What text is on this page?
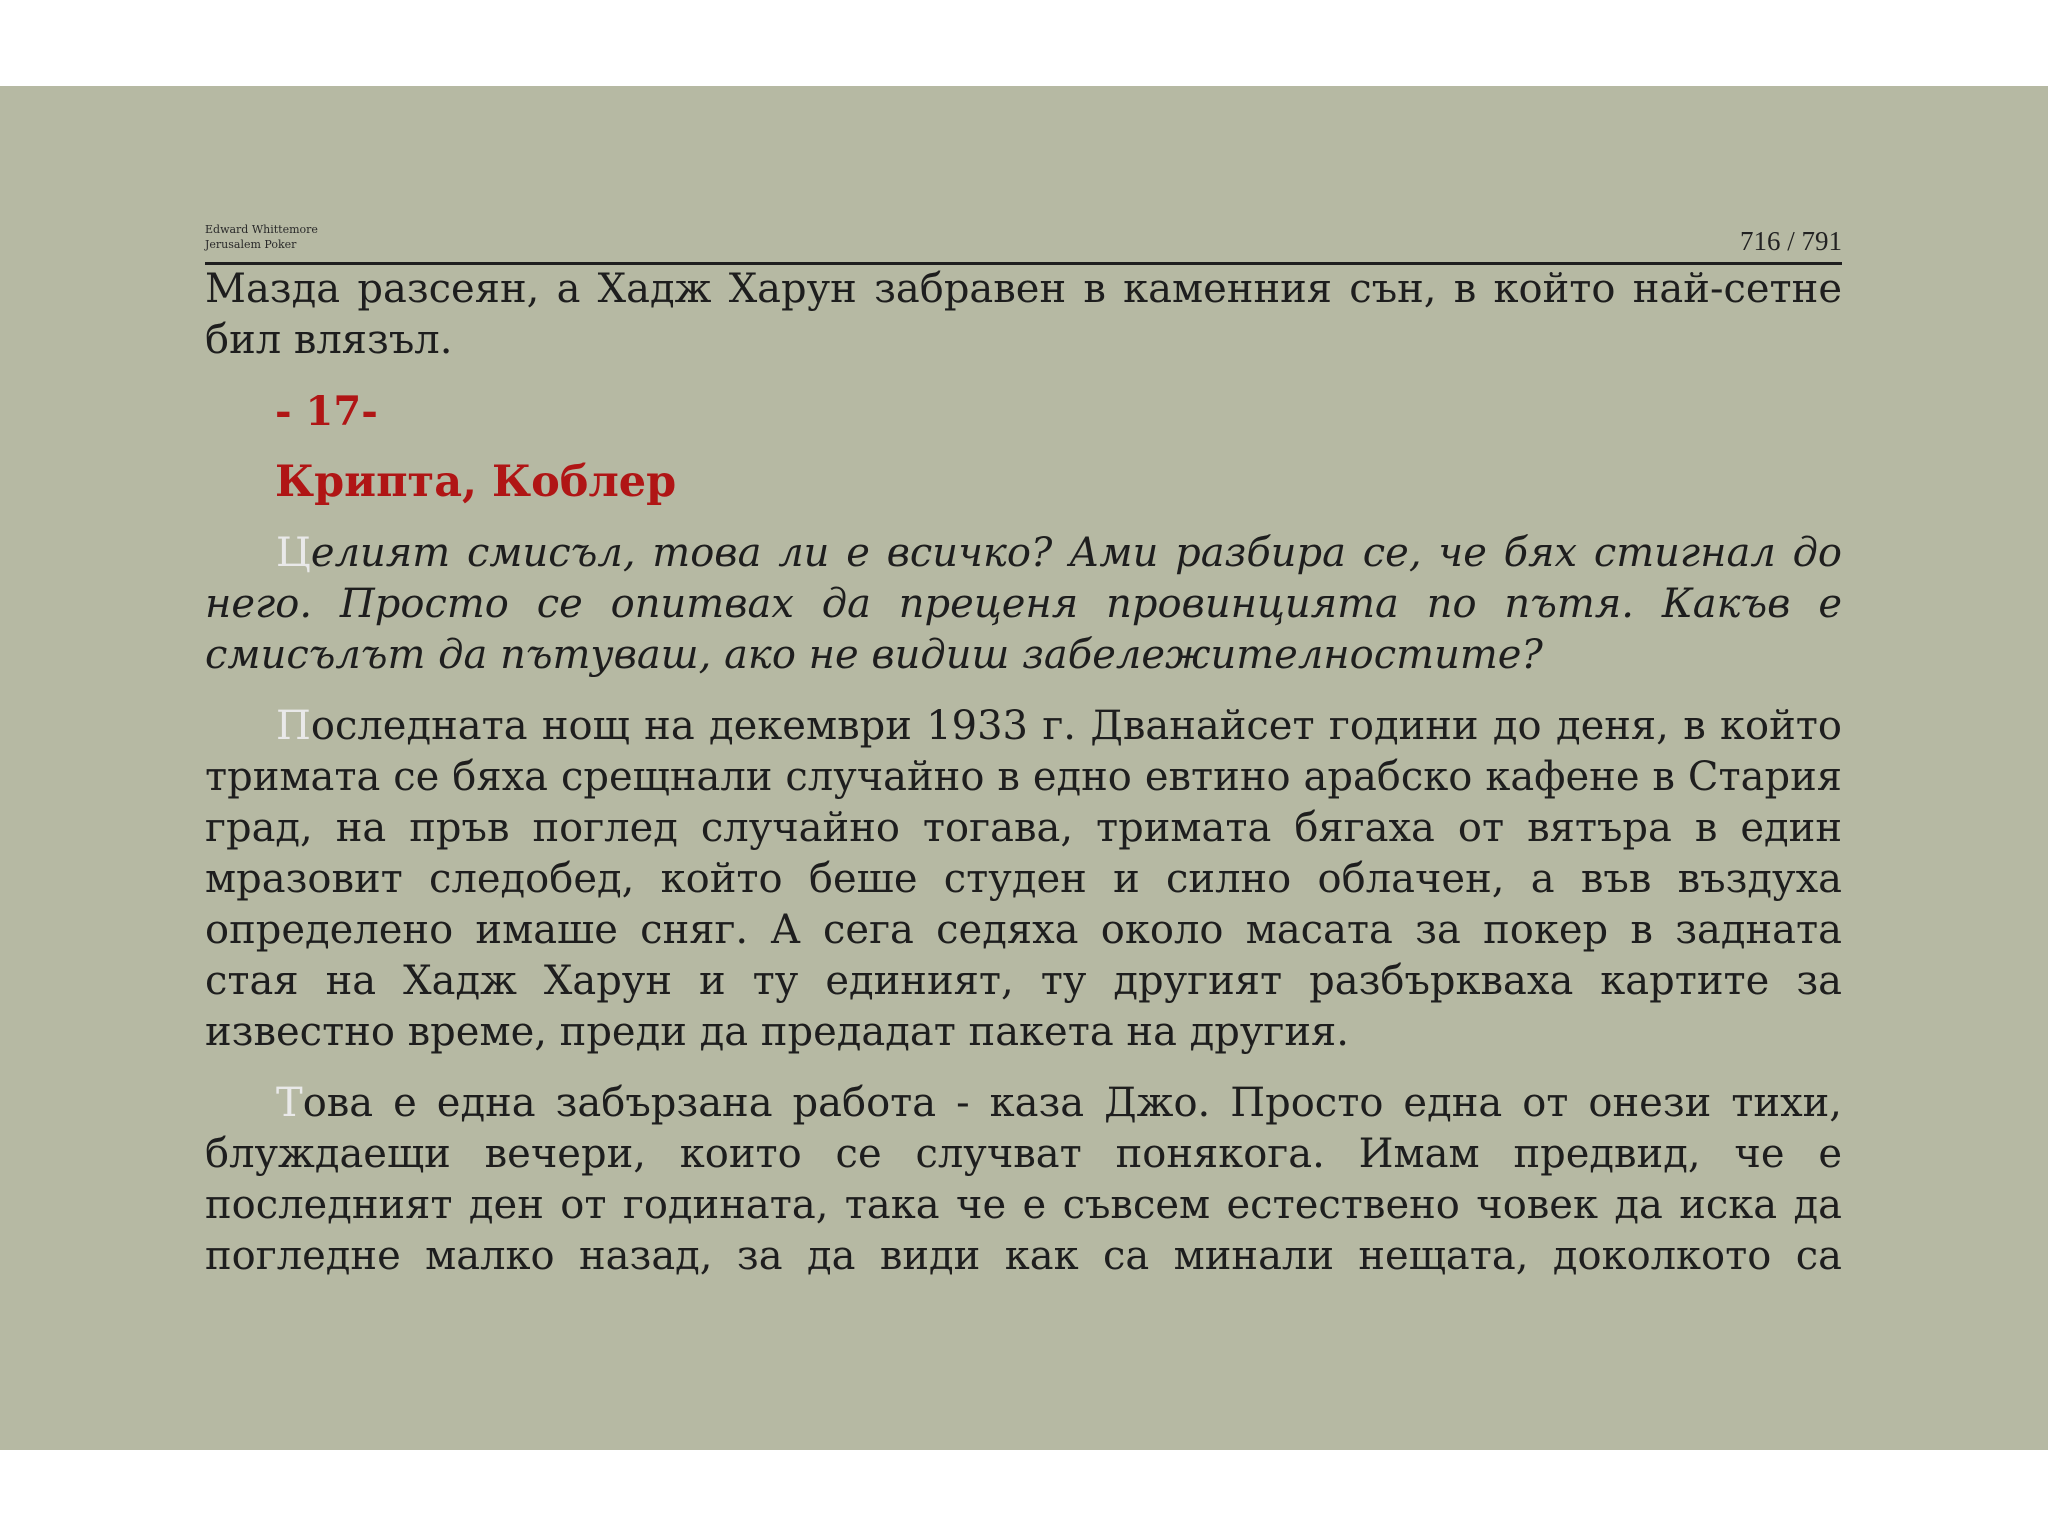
Edward Whittemore
Jerusalem Poker	716 / 791

Мазда разсеян, а Хадж Харун забравен в каменния сън, в който най-сетне бил влязъл.

- 17-
Крипта, Коблер

Целият смисъл, това ли е всичко? Ами разбира се, че бях стигнал до него. Просто се опитвах да преценя провинцията по пътя. Какъв е смисълът да пътуваш, ако не видиш забележителностите?

Последната нощ на декември 1933 г. Дванайсет години до деня, в който тримата се бяха срещнали случайно в едно евтино арабско кафене в Стария град, на пръв поглед случайно тогава, тримата бягаха от вятъра в един мразовит следобед, който беше студен и силно облачен, а във въздуха определено имаше сняг. А сега седяха около масата за покер в задната стая на Хадж Харун и ту единият, ту другият разбъркваха картите за известно време, преди да предадат пакета на другия.

Това е една забързана работа - каза Джо. Просто една от онези тихи, блуждаещи вечери, които се случват понякога. Имам предвид, че е последният ден от годината, така че е съвсем естествено човек да иска да погледне малко назад, за да види как са минали нещата, доколкото са
